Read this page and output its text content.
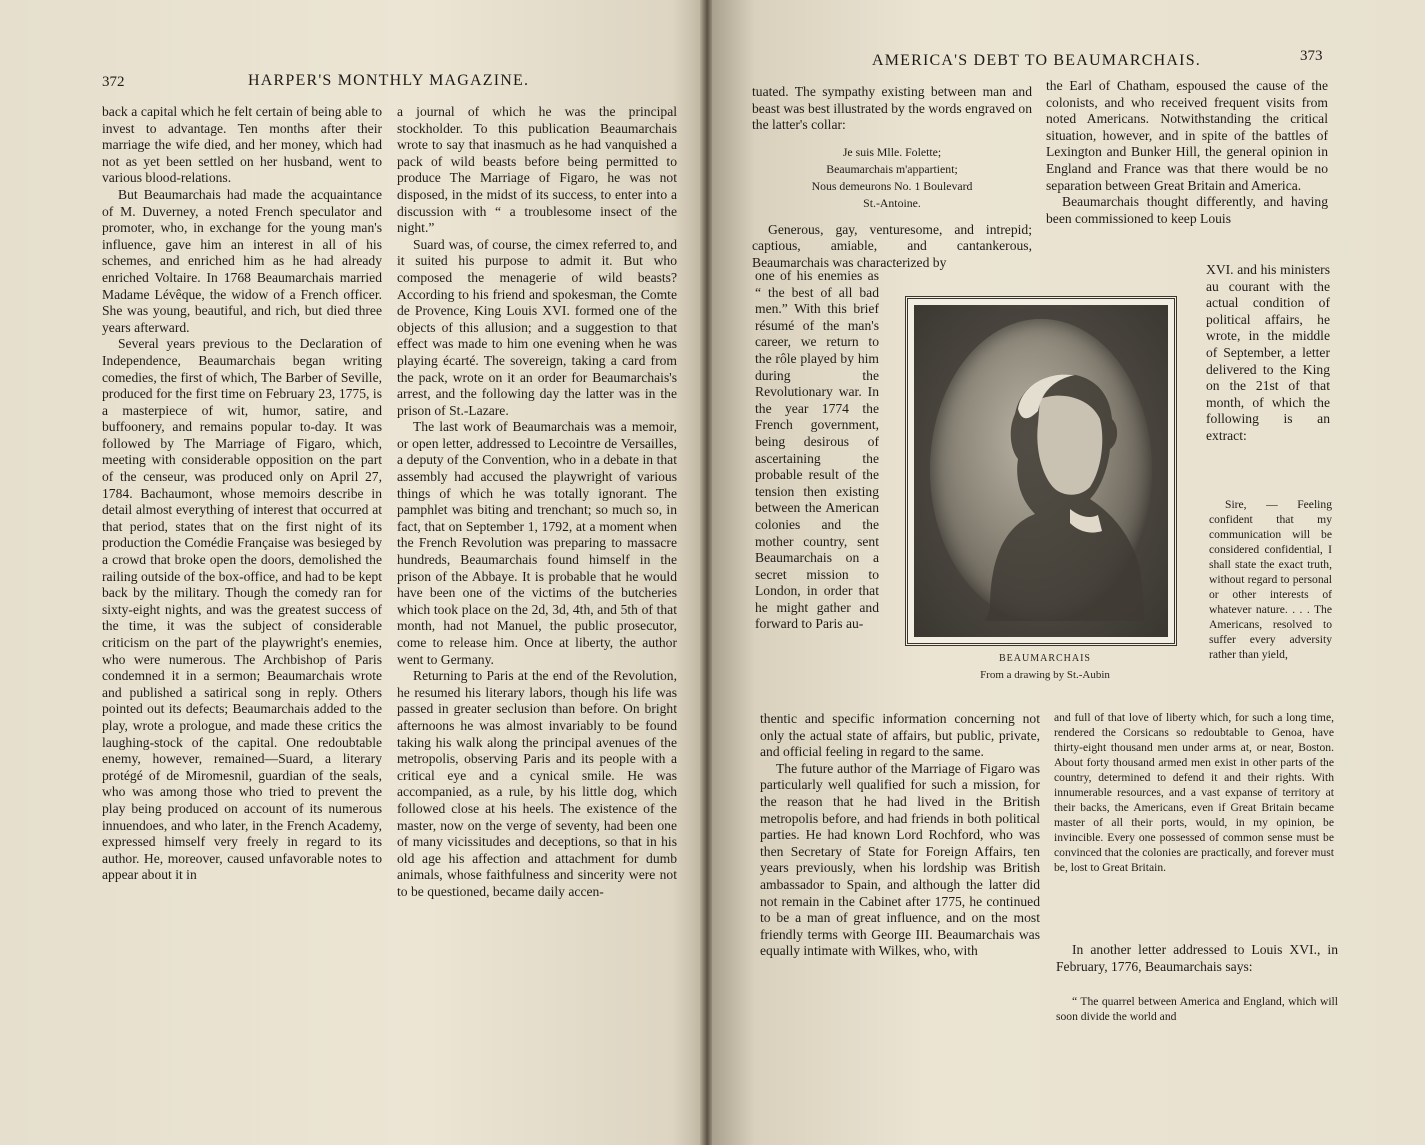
372	HARPER'S MONTHLY MAGAZINE.

back a capital which he felt certain of being able to invest to advantage. Ten months after their marriage the wife died, and her money, which had not as yet been settled on her husband, went to various blood-relations.

But Beaumarchais had made the acquaintance of M. Duverney, a noted French speculator and promoter, who, in exchange for the young man's influence, gave him an interest in all of his schemes, and enriched him as he had already enriched Voltaire. In 1768 Beaumarchais married Madame Lévêque, the widow of a French officer. She was young, beautiful, and rich, but died three years afterward.

Several years previous to the Declaration of Independence, Beaumarchais began writing comedies, the first of which, The Barber of Seville, produced for the first time on February 23, 1775, is a masterpiece of wit, humor, satire, and buffoonery, and remains popular to-day. It was followed by The Marriage of Figaro, which, meeting with considerable opposition on the part of the censeur, was produced only on April 27, 1784. Bachaumont, whose memoirs describe in detail almost everything of interest that occurred at that period, states that on the first night of its production the Comédie Française was besieged by a crowd that broke open the doors, demolished the railing outside of the box-office, and had to be kept back by the military. Though the comedy ran for sixty-eight nights, and was the greatest success of the time, it was the subject of considerable criticism on the part of the playwright's enemies, who were numerous. The Archbishop of Paris condemned it in a sermon; Beaumarchais wrote and published a satirical song in reply. Others pointed out its defects; Beaumarchais added to the play, wrote a prologue, and made these critics the laughing-stock of the capital. One redoubtable enemy, however, remained—Suard, a literary protégé of de Miromesnil, guardian of the seals, who was among those who tried to prevent the play being produced on account of its numerous innuendoes, and who later, in the French Academy, expressed himself very freely in regard to its author. He, moreover, caused unfavorable notes to appear about it in

a journal of which he was the principal stockholder. To this publication Beaumarchais wrote to say that inasmuch as he had vanquished a pack of wild beasts before being permitted to produce The Marriage of Figaro, he was not disposed, in the midst of its success, to enter into a discussion with “ a troublesome insect of the night.”

Suard was, of course, the cimex referred to, and it suited his purpose to admit it. But who composed the menagerie of wild beasts? According to his friend and spokesman, the Comte de Provence, King Louis XVI. formed one of the objects of this allusion; and a suggestion to that effect was made to him one evening when he was playing écarté. The sovereign, taking a card from the pack, wrote on it an order for Beaumarchais's arrest, and the following day the latter was in the prison of St.-Lazare.

The last work of Beaumarchais was a memoir, or open letter, addressed to Lecointre de Versailles, a deputy of the Convention, who in a debate in that assembly had accused the playwright of various things of which he was totally ignorant. The pamphlet was biting and trenchant; so much so, in fact, that on September 1, 1792, at a moment when the French Revolution was preparing to massacre hundreds, Beaumarchais found himself in the prison of the Abbaye. It is probable that he would have been one of the victims of the butcheries which took place on the 2d, 3d, 4th, and 5th of that month, had not Manuel, the public prosecutor, come to release him. Once at liberty, the author went to Germany.

Returning to Paris at the end of the Revolution, he resumed his literary labors, though his life was passed in greater seclusion than before. On bright afternoons he was almost invariably to be found taking his walk along the principal avenues of the metropolis, observing Paris and its people with a critical eye and a cynical smile. He was accompanied, as a rule, by his little dog, which followed close at his heels. The existence of the master, now on the verge of seventy, had been one of many vicissitudes and deceptions, so that in his old age his affection and attachment for dumb animals, whose faithfulness and sincerity were not to be questioned, became daily accen-

AMERICA'S DEBT TO BEAUMARCHAIS.	373

tuated. The sympathy existing between man and beast was best illustrated by the words engraved on the latter's collar:

Je suis Mlle. Folette;
Beaumarchais m'appartient;
Nous demeurons No. 1 Boulevard
St.-Antoine.

Generous, gay, venturesome, and intrepid; captious, amiable, and cantankerous, Beaumarchais was characterized by

one of his enemies as “ the best of all bad men.” With this brief résumé of the man's career, we return to the rôle played by him during the Revolutionary war. In the year 1774 the French government, being desirous of ascertaining the probable result of the tension then existing between the American colonies and the mother country, sent Beaumarchais on a secret mission to London, in order that he might gather and forward to Paris au-

thentic and specific information concerning not only the actual state of affairs, but public, private, and official feeling in regard to the same.

The future author of the Marriage of Figaro was particularly well qualified for such a mission, for the reason that he had lived in the British metropolis before, and had friends in both political parties. He had known Lord Rochford, who was then Secretary of State for Foreign Affairs, ten years previously, when his lordship was British ambassador to Spain, and although the latter did not remain in the Cabinet after 1775, he continued to be a man of great influence, and on the most friendly terms with George III. Beaumarchais was equally intimate with Wilkes, who, with

BEAUMARCHAIS
From a drawing by St.-Aubin

the Earl of Chatham, espoused the cause of the colonists, and who received frequent visits from noted Americans. Notwithstanding the critical situation, however, and in spite of the battles of Lexington and Bunker Hill, the general opinion in England and France was that there would be no separation between Great Britain and America.

Beaumarchais thought differently, and having been commissioned to keep Louis

XVI. and his ministers au courant with the actual condition of political affairs, he wrote, in the middle of September, a letter delivered to the King on the 21st of that month, of which the following is an extract:

Sire, — Feeling confident that my communication will be considered confidential, I shall state the exact truth, without regard to personal or other interests of whatever nature. . . . The Americans, resolved to suffer every adversity rather than yield,

and full of that love of liberty which, for such a long time, rendered the Corsicans so redoubtable to Genoa, have thirty-eight thousand men under arms at, or near, Boston. About forty thousand armed men exist in other parts of the country, determined to defend it and their rights. With innumerable resources, and a vast expanse of territory at their backs, the Americans, even if Great Britain became master of all their ports, would, in my opinion, be invincible. Every one possessed of common sense must be convinced that the colonies are practically, and forever must be, lost to Great Britain.

In another letter addressed to Louis XVI., in February, 1776, Beaumarchais says:

“ The quarrel between America and England, which will soon divide the world and
